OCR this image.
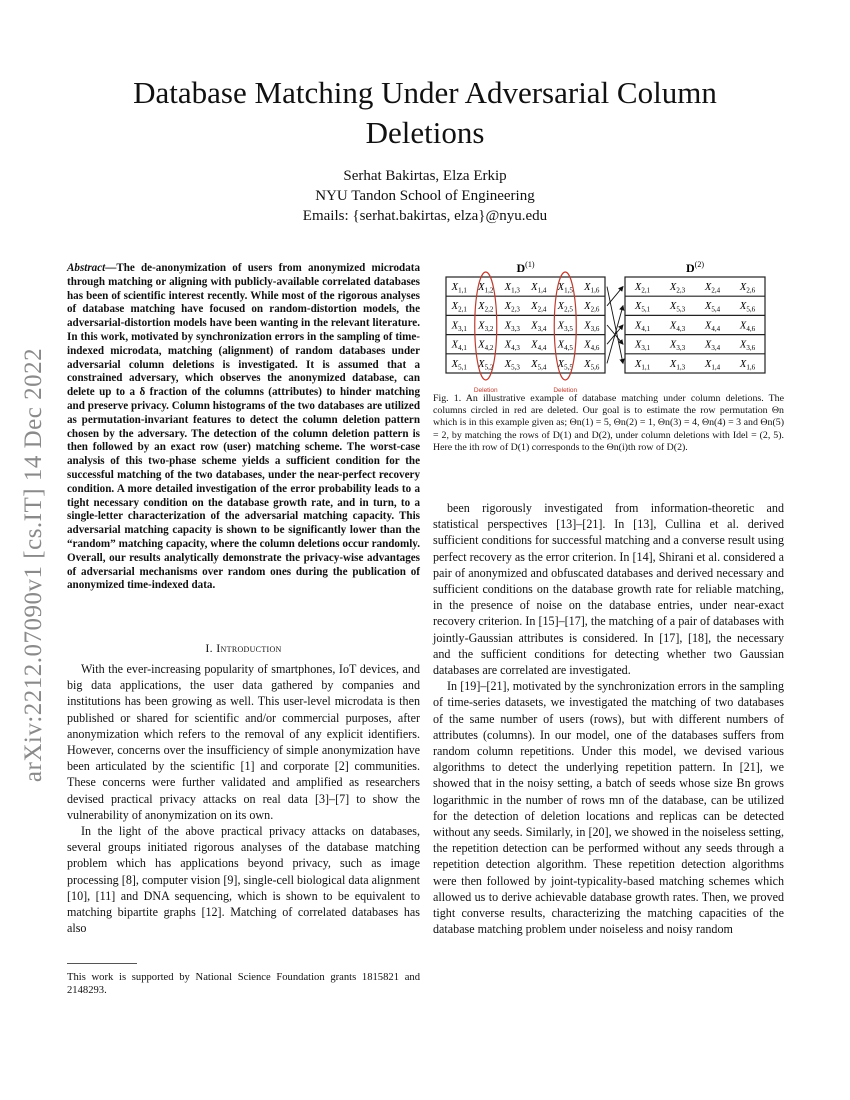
arXiv:2212.07090v1 [cs.IT] 14 Dec 2022
Database Matching Under Adversarial Column Deletions
Serhat Bakirtas, Elza Erkip
NYU Tandon School of Engineering
Emails: {serhat.bakirtas, elza}@nyu.edu
Abstract—The de-anonymization of users from anonymized microdata through matching or aligning with publicly-available correlated databases has been of scientific interest recently. While most of the rigorous analyses of database matching have focused on random-distortion models, the adversarial-distortion models have been wanting in the relevant literature. In this work, motivated by synchronization errors in the sampling of time-indexed microdata, matching (alignment) of random databases under adversarial column deletions is investigated. It is assumed that a constrained adversary, which observes the anonymized database, can delete up to a δ fraction of the columns (attributes) to hinder matching and preserve privacy. Column histograms of the two databases are utilized as permutation-invariant features to detect the column deletion pattern chosen by the adversary. The detection of the column deletion pattern is then followed by an exact row (user) matching scheme. The worst-case analysis of this two-phase scheme yields a sufficient condition for the successful matching of the two databases, under the near-perfect recovery condition. A more detailed investigation of the error probability leads to a tight necessary condition on the database growth rate, and in turn, to a single-letter characterization of the adversarial matching capacity. This adversarial matching capacity is shown to be significantly lower than the “random” matching capacity, where the column deletions occur randomly. Overall, our results analytically demonstrate the privacy-wise advantages of adversarial mechanisms over random ones during the publication of anonymized time-indexed data.
I. Introduction

With the ever-increasing popularity of smartphones, IoT devices, and big data applications, the user data gathered by companies and institutions has been growing as well. This user-level microdata is then published or shared for scientific and/or commercial purposes, after anonymization which refers to the removal of any explicit identifiers. However, concerns over the insufficiency of simple anonymization have been articulated by the scientific [1] and corporate [2] communities. These concerns were further validated and amplified as researchers devised practical privacy attacks on real data [3]–[7] to show the vulnerability of anonymization on its own.

In the light of the above practical privacy attacks on databases, several groups initiated rigorous analyses of the database matching problem which has applications beyond privacy, such as image processing [8], computer vision [9], single-cell biological data alignment [10], [11] and DNA sequencing, which is shown to be equivalent to matching bipartite graphs [12]. Matching of correlated databases has also

This work is supported by National Science Foundation grants 1815821 and 2148293.
$D^{(1)}$
$X_{1,1}$ $X_{1,2}$ $X_{1,3}$ $X_{1,4}$ $X_{1,5}$ $X_{1,6}$
$X_{2,1}$ $X_{2,2}$ $X_{2,3}$ $X_{2,4}$ $X_{2,5}$ $X_{2,6}$
$X_{3,1}$ $X_{3,2}$ $X_{3,3}$ $X_{3,4}$ $X_{3,5}$ $X_{3,6}$
$X_{4,1}$ $X_{4,2}$ $X_{4,3}$ $X_{4,4}$ $X_{4,5}$ $X_{4,6}$
$X_{5,1}$ $X_{5,2}$ $X_{5,3}$ $X_{5,4}$ $X_{5,5}$ $X_{5,6}$
Deletion	Deletion
$D^{(2)}$
$X_{2,1}$ $X_{2,3}$ $X_{2,4}$ $X_{2,6}$
$X_{5,1}$ $X_{5,3}$ $X_{5,4}$ $X_{5,6}$
$X_{4,1}$ $X_{4,3}$ $X_{4,4}$ $X_{4,6}$
$X_{3,1}$ $X_{3,3}$ $X_{3,4}$ $X_{3,6}$
$X_{1,1}$ $X_{1,3}$ $X_{1,4}$ $X_{1,6}$
Fig. 1. An illustrative example of database matching under column deletions. The columns circled in red are deleted. Our goal is to estimate the row permutation Θn which is in this example given as; Θn(1) = 5, Θn(2) = 1, Θn(3) = 4, Θn(4) = 3 and Θn(5) = 2, by matching the rows of D(1) and D(2), under column deletions with Idel = (2, 5). Here the ith row of D(1) corresponds to the Θn(i)th row of D(2).

been rigorously investigated from information-theoretic and statistical perspectives [13]–[21]. In [13], Cullina et al. derived sufficient conditions for successful matching and a converse result using perfect recovery as the error criterion. In [14], Shirani et al. considered a pair of anonymized and obfuscated databases and derived necessary and sufficient conditions on the database growth rate for reliable matching, in the presence of noise on the database entries, under near-exact recovery criterion. In [15]–[17], the matching of a pair of databases with jointly-Gaussian attributes is considered. In [17], [18], the necessary and the sufficient conditions for detecting whether two Gaussian databases are correlated are investigated.

In [19]–[21], motivated by the synchronization errors in the sampling of time-series datasets, we investigated the matching of two databases of the same number of users (rows), but with different numbers of attributes (columns). In our model, one of the databases suffers from random column repetitions. Under this model, we devised various algorithms to detect the underlying repetition pattern. In [21], we showed that in the noisy setting, a batch of seeds whose size Bn grows logarithmic in the number of rows mn of the database, can be utilized for the detection of deletion locations and replicas can be detected without any seeds. Similarly, in [20], we showed in the noiseless setting, the repetition detection can be performed without any seeds through a repetition detection algorithm. These repetition detection algorithms were then followed by joint-typicality-based matching schemes which allowed us to derive achievable database growth rates. Then, we proved tight converse results, characterizing the matching capacities of the database matching problem under noiseless and noisy random
